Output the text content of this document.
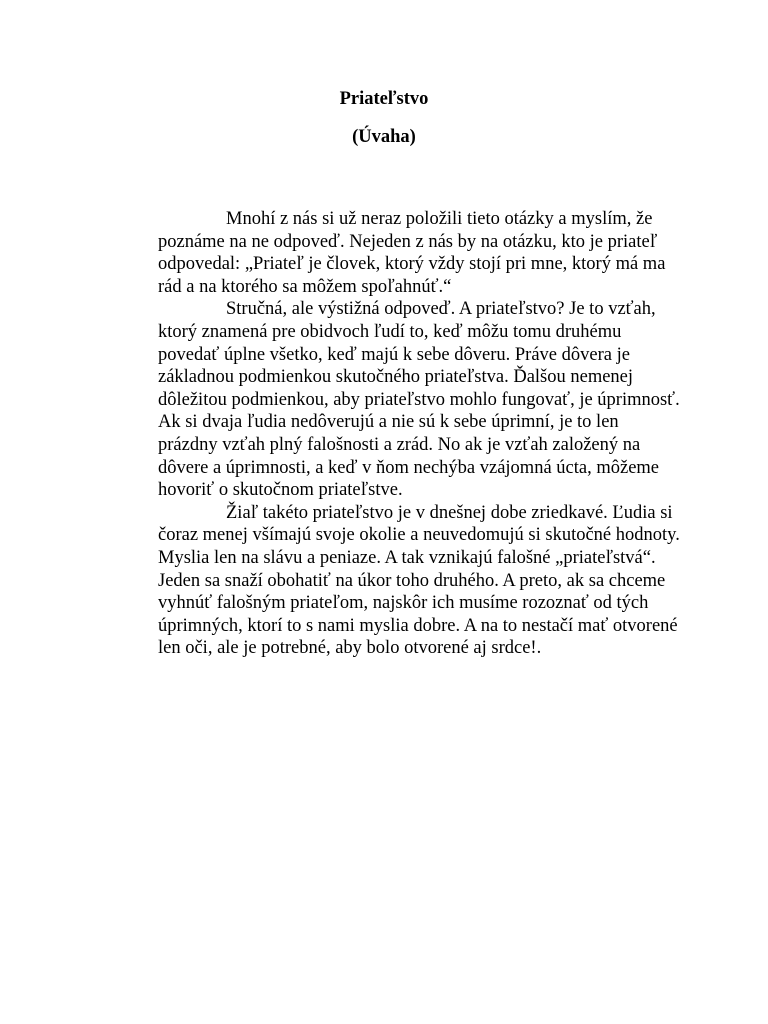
Priateľstvo
(Úvaha)

Mnohí z nás si už neraz položili tieto otázky a myslím, že
poznáme na ne odpoveď. Nejeden z nás by na otázku, kto je priateľ
odpovedal: „Priateľ je človek, ktorý vždy stojí pri mne, ktorý má ma
rád a na ktorého sa môžem spoľahnúť.“

Stručná, ale výstižná odpoveď. A priateľstvo? Je to vzťah,
ktorý znamená pre obidvoch ľudí to, keď môžu tomu druhému
povedať úplne všetko, keď majú k sebe dôveru. Práve dôvera je
základnou podmienkou skutočného priateľstva. Ďalšou nemenej
dôležitou podmienkou, aby priateľstvo mohlo fungovať, je úprimnosť.
Ak si dvaja ľudia nedôverujú a nie sú k sebe úprimní, je to len
prázdny vzťah plný falošnosti a zrád. No ak je vzťah založený na
dôvere a úprimnosti, a keď v ňom nechýba vzájomná úcta, môžeme
hovoriť o skutočnom priateľstve.

Žiaľ takéto priateľstvo je v dnešnej dobe zriedkavé. Ľudia si
čoraz menej všímajú svoje okolie a neuvedomujú si skutočné hodnoty.
Myslia len na slávu a peniaze. A tak vznikajú falošné „priateľstvá“.
Jeden sa snaží obohatiť na úkor toho druhého. A preto, ak sa chceme
vyhnúť falošným priateľom, najskôr ich musíme rozoznať od tých
úprimných, ktorí to s nami myslia dobre. A na to nestačí mať otvorené
len oči, ale je potrebné, aby bolo otvorené aj srdce!.
